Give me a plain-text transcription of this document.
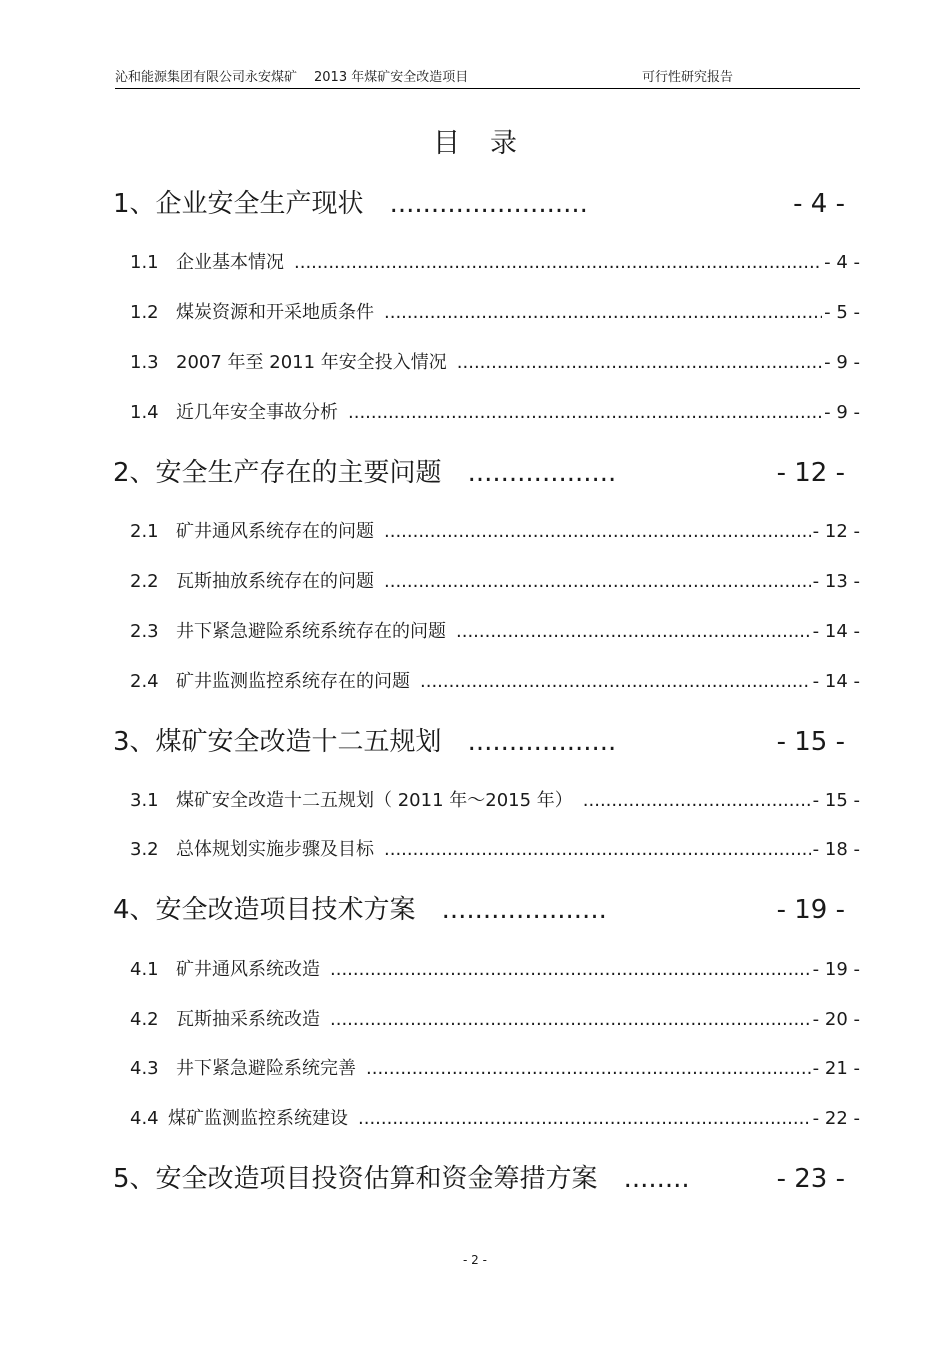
沁和能源集团有限公司永安煤矿 2013 年煤矿安全改造项目	可行性研究报告
目录
1、 企业安全生产现状 ........................	- 4 -
1.1 企业基本情况 .....	- 4 -
1.2 煤炭资源和开采地质条件 .....	- 5 -
1.3 2007 年至 2011 年安全投入情况 .....	- 9 -
1.4 近几年安全事故分析 .....	- 9 -
2、 安全生产存在的主要问题 ..................	- 12 -
2.1 矿井通风系统存在的问题 .....	- 12 -
2.2 瓦斯抽放系统存在的问题 .....	- 13 -
2.3 井下紧急避险系统系统存在的问题 .....	- 14 -
2.4 矿井监测监控系统存在的问题 .....	- 14 -
3、 煤矿安全改造十二五规划 ..................	- 15 -
3.1 煤矿安全改造十二五规划（ 2011 年～2015 年） .....	- 15 -
3.2 总体规划实施步骤及目标 .....	- 18 -
4、 安全改造项目技术方案 ....................	- 19 -
4.1 矿井通风系统改造 .....	- 19 -
4.2 瓦斯抽采系统改造 .....	- 20 -
4.3 井下紧急避险系统完善 .....	- 21 -
4.4 煤矿监测监控系统建设 .....	- 22 -
5、 安全改造项目投资估算和资金筹措方案 ........	- 23 -
- 2 -
